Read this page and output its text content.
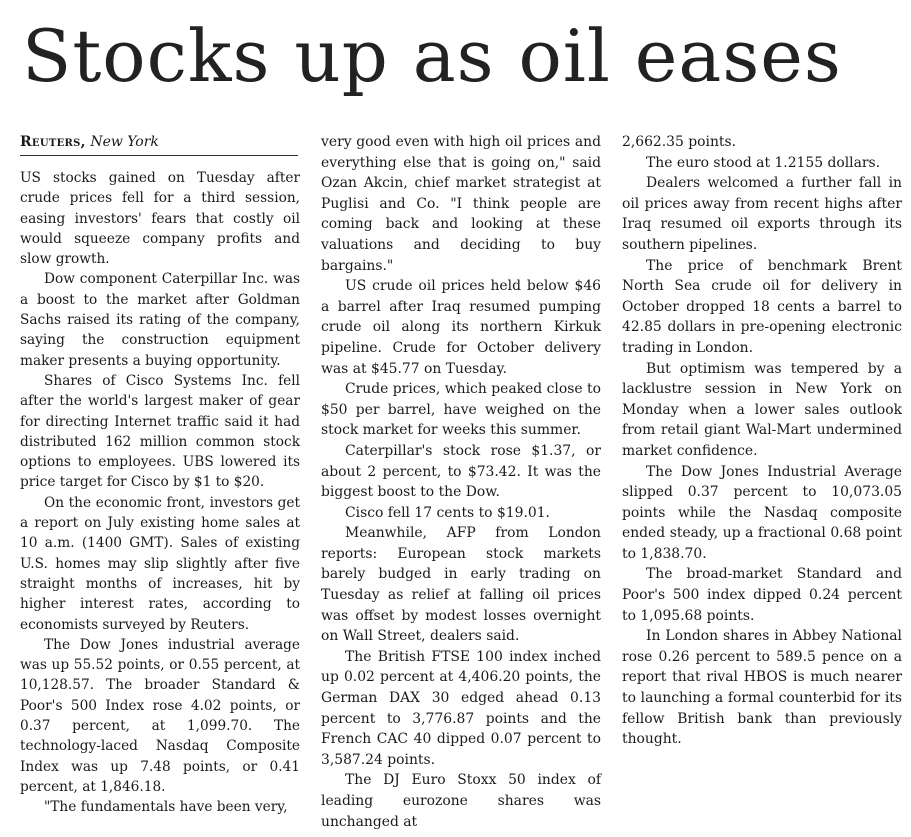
Stocks up as oil eases
Reuters, New York

US stocks gained on Tuesday after crude prices fell for a third session, easing investors' fears that costly oil would squeeze company profits and slow growth.

Dow component Caterpillar Inc. was a boost to the market after Goldman Sachs raised its rating of the company, saying the construction equipment maker presents a buying opportunity.

Shares of Cisco Systems Inc. fell after the world's largest maker of gear for directing Internet traffic said it had distributed 162 million common stock options to employees. UBS lowered its price target for Cisco by $1 to $20.

On the economic front, investors get a report on July existing home sales at 10 a.m. (1400 GMT). Sales of existing U.S. homes may slip slightly after five straight months of increases, hit by higher interest rates, according to economists surveyed by Reuters.

The Dow Jones industrial average was up 55.52 points, or 0.55 percent, at 10,128.57. The broader Standard & Poor's 500 Index rose 4.02 points, or 0.37 percent, at 1,099.70. The technology-laced Nasdaq Composite Index was up 7.48 points, or 0.41 percent, at 1,846.18.

"The fundamentals have been very,

very good even with high oil prices and everything else that is going on," said Ozan Akcin, chief market strategist at Puglisi and Co. "I think people are coming back and looking at these valuations and deciding to buy bargains."

US crude oil prices held below $46 a barrel after Iraq resumed pumping crude oil along its northern Kirkuk pipeline. Crude for October delivery was at $45.77 on Tuesday.

Crude prices, which peaked close to $50 per barrel, have weighed on the stock market for weeks this summer.

Caterpillar's stock rose $1.37, or about 2 percent, to $73.42. It was the biggest boost to the Dow.

Cisco fell 17 cents to $19.01.

Meanwhile, AFP from London reports: European stock markets barely budged in early trading on Tuesday as relief at falling oil prices was offset by modest losses overnight on Wall Street, dealers said.

The British FTSE 100 index inched up 0.02 percent at 4,406.20 points, the German DAX 30 edged ahead 0.13 percent to 3,776.87 points and the French CAC 40 dipped 0.07 percent to 3,587.24 points.

The DJ Euro Stoxx 50 index of leading eurozone shares was unchanged at

2,662.35 points.

The euro stood at 1.2155 dollars.

Dealers welcomed a further fall in oil prices away from recent highs after Iraq resumed oil exports through its southern pipelines.

The price of benchmark Brent North Sea crude oil for delivery in October dropped 18 cents a barrel to 42.85 dollars in pre-opening electronic trading in London.

But optimism was tempered by a lacklustre session in New York on Monday when a lower sales outlook from retail giant Wal-Mart undermined market confidence.

The Dow Jones Industrial Average slipped 0.37 percent to 10,073.05 points while the Nasdaq composite ended steady, up a fractional 0.68 point to 1,838.70.

The broad-market Standard and Poor's 500 index dipped 0.24 percent to 1,095.68 points.

In London shares in Abbey National rose 0.26 percent to 589.5 pence on a report that rival HBOS is much nearer to launching a formal counterbid for its fellow British bank than previously thought.
